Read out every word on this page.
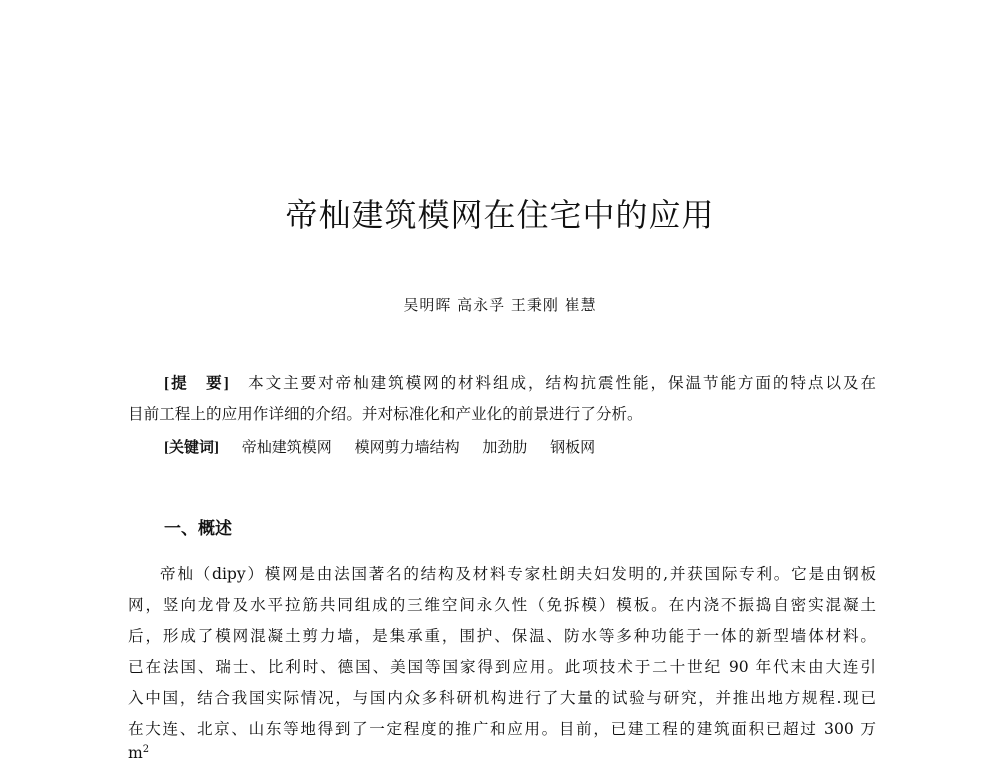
帝杣建筑模网在住宅中的应用
吴明晖 高永孚 王秉刚 崔慧
[提　要]　 本文主要对帝杣建筑模网的材料组成，结构抗震性能，保温节能方面的特点以及在
目前工程上的应用作详细的介绍。并对标准化和产业化的前景进行了分析。
[关键词] 帝杣建筑模网 模网剪力墙结构 加劲肋 钢板网
一、概述
帝杣（dipy）模网是由法国著名的结构及材料专家杜朗夫妇发明的,并获国际专利。它是由钢板
网，竖向龙骨及水平拉筋共同组成的三维空间永久性（免拆模）模板。在内浇不振捣自密实混凝土
后，形成了模网混凝土剪力墙，是集承重，围护、保温、防水等多种功能于一体的新型墙体材料。
已在法国、瑞士、比利时、德国、美国等国家得到应用。此项技术于二十世纪 90 年代末由大连引
入中国，结合我国实际情况，与国内众多科研机构进行了大量的试验与研究，并推出地方规程.现已
在大连、北京、山东等地得到了一定程度的推广和应用。目前，已建工程的建筑面积已超过 300 万
$m^2$
